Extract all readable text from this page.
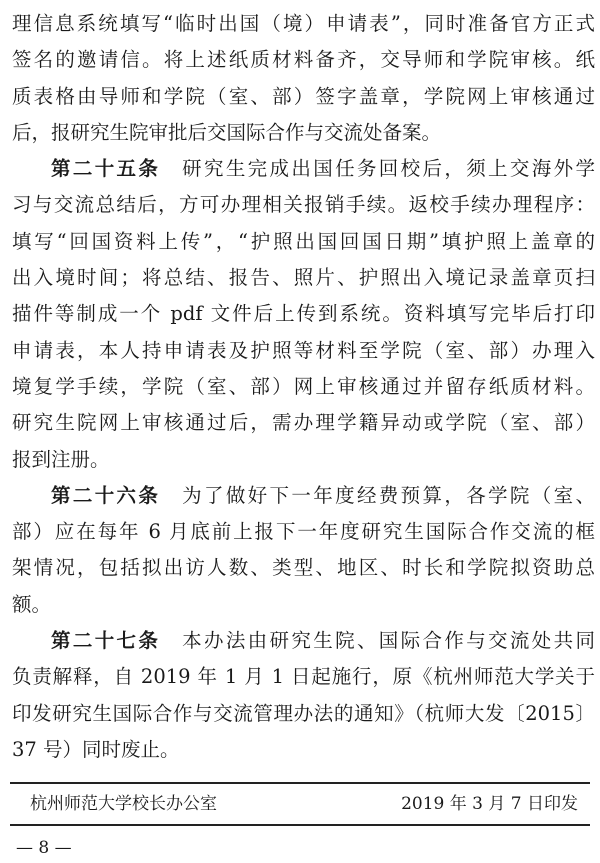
理信息系统填写“临时出国（境）申请表”，同时准备官方正式
签名的邀请信。将上述纸质材料备齐，交导师和学院审核。纸
质表格由导师和学院（室、部）签字盖章，学院网上审核通过
后，报研究生院审批后交国际合作与交流处备案。
第二十五条　 研究生完成出国任务回校后，须上交海外学
习与交流总结后，方可办理相关报销手续。返校手续办理程序：
填写“回国资料上传”，“护照出国回国日期”填护照上盖章的
出入境时间；将总结、报告、照片、护照出入境记录盖章页扫
描件等制成一个 pdf 文件后上传到系统。资料填写完毕后打印
申请表，本人持申请表及护照等材料至学院（室、部）办理入
境复学手续，学院（室、部）网上审核通过并留存纸质材料。
研究生院网上审核通过后，需办理学籍异动或学院（室、部）
报到注册。
第二十六条　 为了做好下一年度经费预算，各学院（室、
部）应在每年 6 月底前上报下一年度研究生国际合作交流的框
架情况，包括拟出访人数、类型、地区、时长和学院拟资助总
额。
第二十七条　 本办法由研究生院、国际合作与交流处共同
负责解释，自 2019 年 1 月 1 日起施行，原《杭州师范大学关于
印发研究生国际合作与交流管理办法的通知》（杭师大发〔2015〕
37 号）同时废止。
杭州师范大学校长办公室	2019 年 3 月 7 日印发
— 8 —
